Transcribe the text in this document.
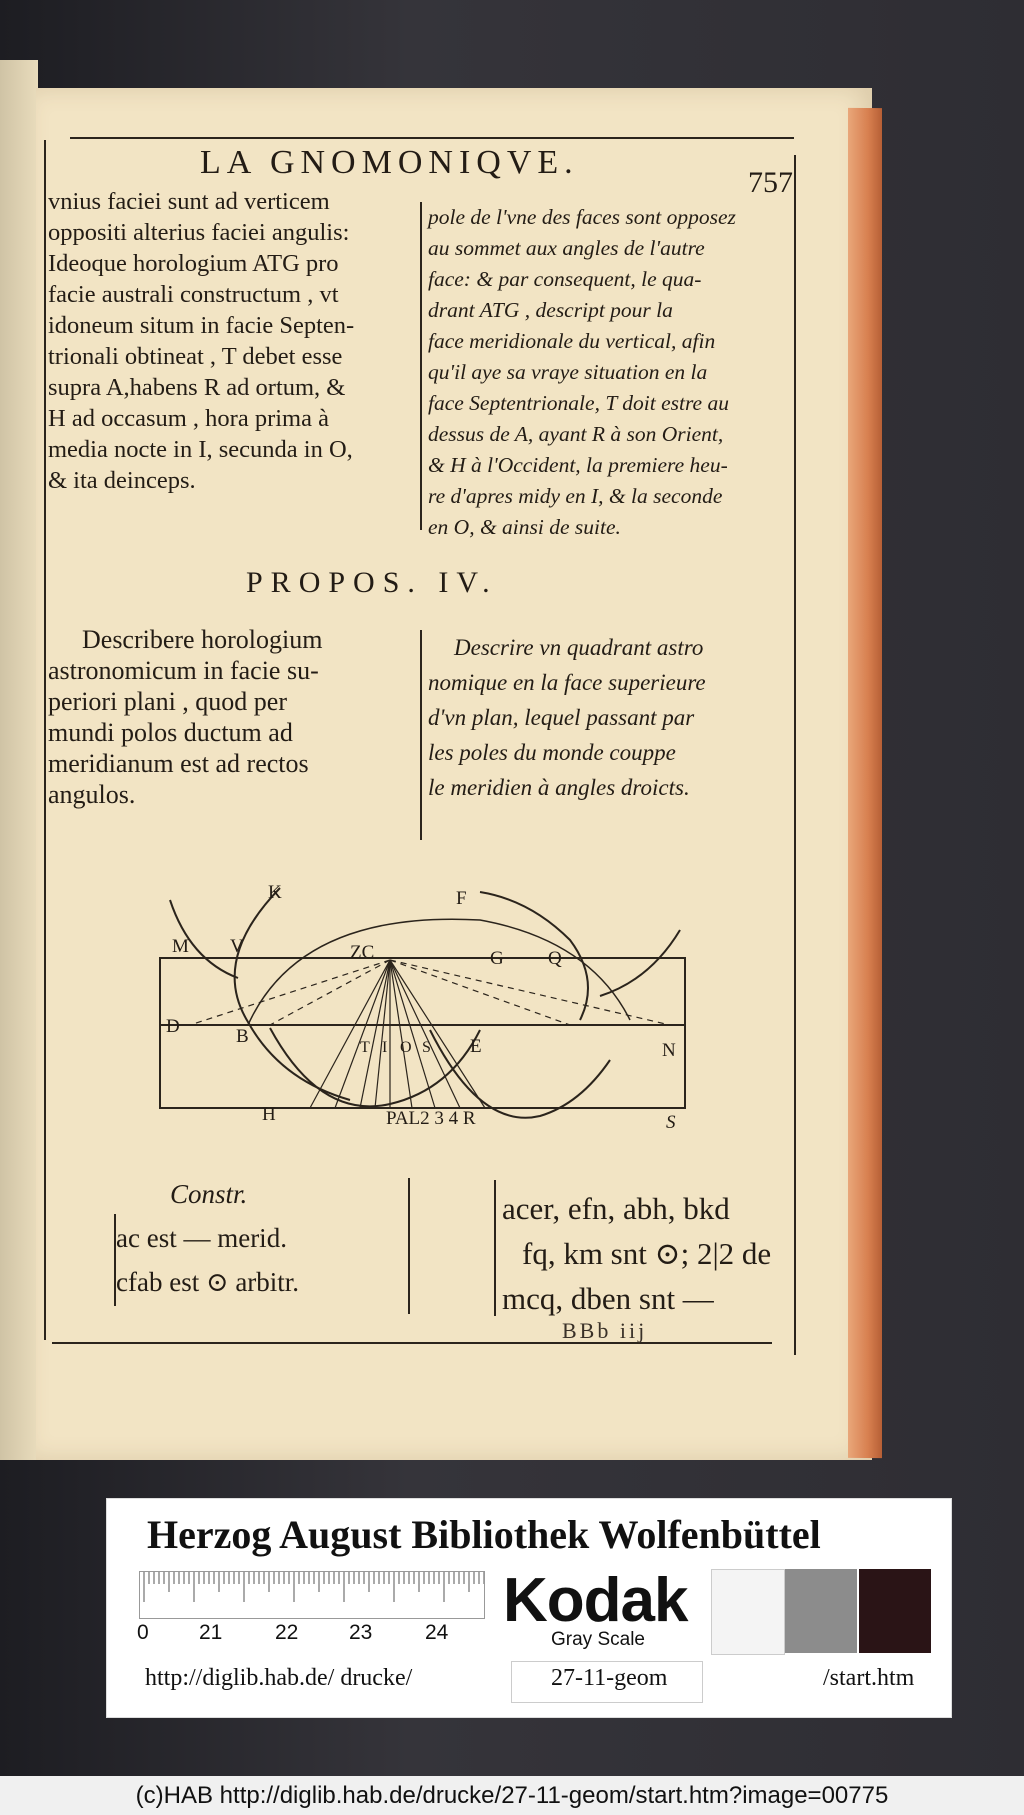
LA GNOMONIQVE.
757
vnius faciei sunt ad verticem
oppositi alterius faciei angulis:
Ideoque horologium ATG pro
facie australi constructum , vt
idoneum situm in facie Septen-
trionali obtineat , T debet esse
supra A,habens R ad ortum, &
H ad occasum , hora prima à
media nocte in I, secunda in O,
& ita deinceps.
pole de l'vne des faces sont opposez
au sommet aux angles de l'autre
face: & par consequent, le qua-
drant ATG , descript pour la
face meridionale du vertical, afin
qu'il aye sa vraye situation en la
face Septentrionale, T doit estre au
dessus de A, ayant R à son Orient,
& H à l'Occident, la premiere heu-
re d'apres midy en I, & la seconde
en O, & ainsi de suite.
PROPOS. IV.
Describere horologium
astronomicum in facie su-
periori plani , quod per
mundi polos ductum ad
meridianum est ad rectos
angulos.
Descrire vn quadrant astro
nomique en la face superieure
d'vn plan, lequel passant par
les poles du monde couppe
le meridien à angles droicts.
K	F
M V	ZC	G Q
D	B
T I O S E	N
H	PAL2 3 4 R	S
Constr.
ac est — merid.
cfab est ⊙ arbitr.
acer, efn, abh, bkd
fq, km snt ⊙; 2|2 de
mcq, dben snt —
BBb iij
Herzog August Bibliothek Wolfenbüttel
0 21	22 23	24 Kodak
Gray Scale
http://diglib.hab.de/ drucke/	27-11-geom	/start.htm
(c)HAB http://diglib.hab.de/drucke/27-11-geom/start.htm?image=00775
